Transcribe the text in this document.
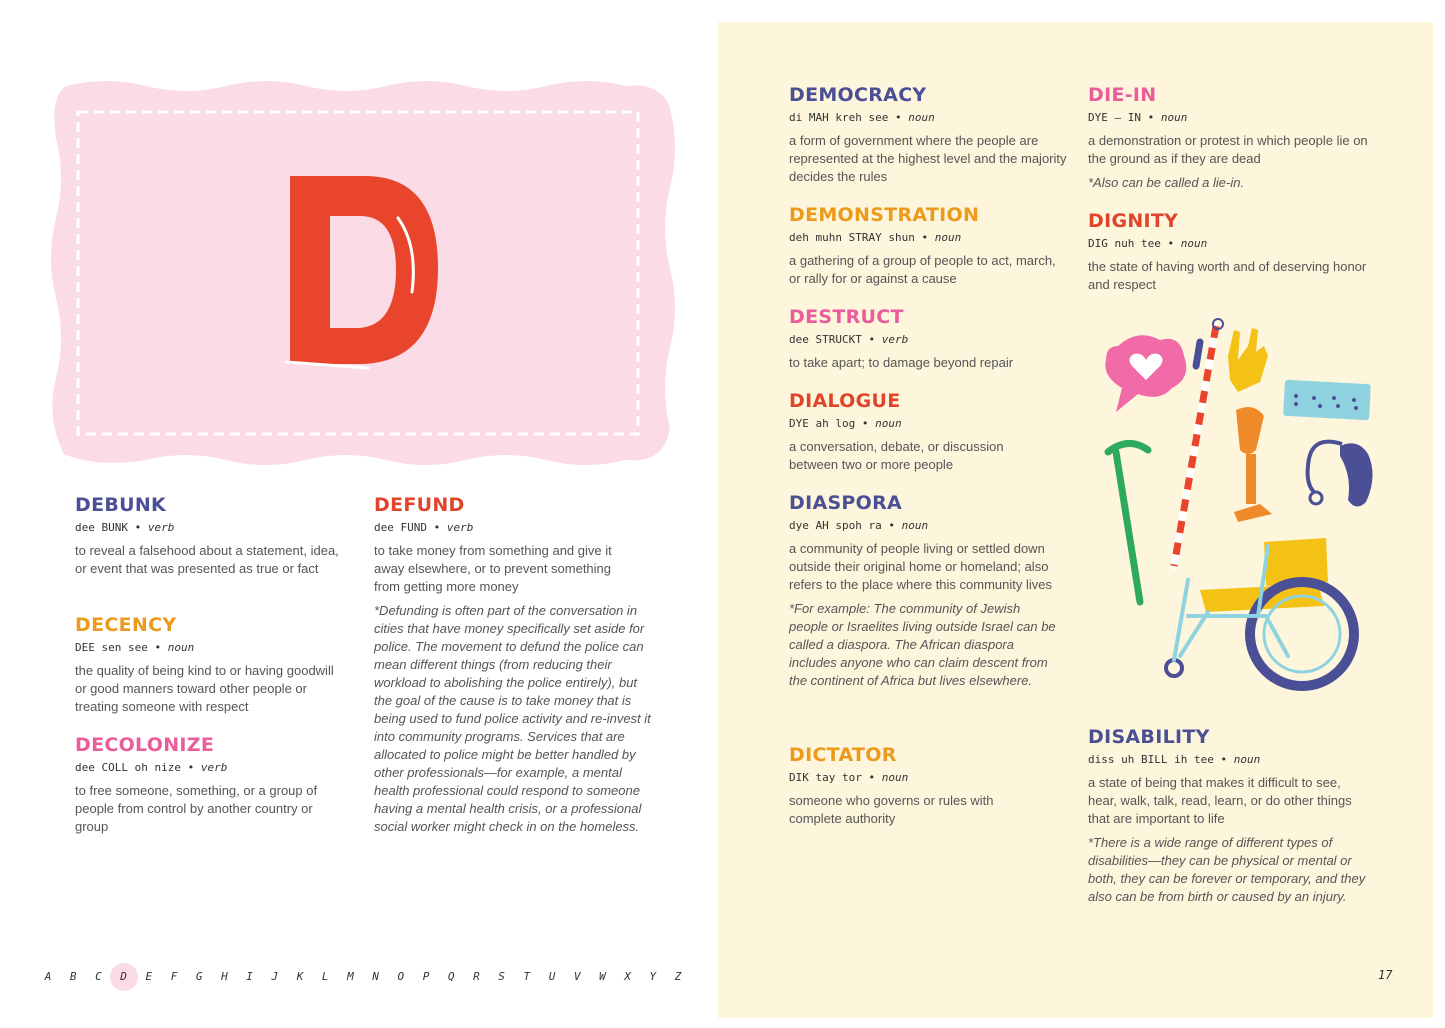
DEBUNK
dee BUNK • verb
to reveal a falsehood about a statement, idea, or event that was presented as true or fact
DECENCY
DEE sen see • noun
the quality of being kind to or having goodwill or good manners toward other people or treating someone with respect
DECOLONIZE
dee COLL oh nize • verb
to free someone, something, or a group of people from control by another country or group
DEFUND
dee FUND • verb
to take money from something and give it away elsewhere, or to prevent something from getting more money
*Defunding is often part of the conversation in cities that have money specifically set aside for police. The movement to defund the police can mean different things (from reducing their workload to abolishing the police entirely), but the goal of the cause is to take money that is being used to fund police activity and re-invest it into community programs. Services that are allocated to police might be better handled by other professionals—for example, a mental health professional could respond to someone having a mental health crisis, or a professional social worker might check in on the homeless.
A	B	C	D	E	F	G	H	I	J	K	L	M	N	O	P	Q	R	S	T	U	V	W	X	Y	Z
DEMOCRACY
di MAH kreh see • noun
a form of government where the people are represented at the highest level and the majority decides the rules
DEMONSTRATION
deh muhn STRAY shun • noun
a gathering of a group of people to act, march, or rally for or against a cause
DESTRUCT
dee STRUCKT • verb
to take apart; to damage beyond repair
DIALOGUE
DYE ah log • noun
a conversation, debate, or discussion between two or more people
DIASPORA
dye AH spoh ra • noun
a community of people living or settled down outside their original home or homeland; also refers to the place where this community lives
*For example: The community of Jewish people or Israelites living outside Israel can be called a diaspora. The African diaspora includes anyone who can claim descent from the continent of Africa but lives elsewhere.
DICTATOR
DIK tay tor • noun
someone who governs or rules with complete authority
DIE-IN
DYE – IN • noun
a demonstration or protest in which people lie on the ground as if they are dead
*Also can be called a lie-in.
DIGNITY
DIG nuh tee • noun
the state of having worth and of deserving honor and respect
DISABILITY
diss uh BILL ih tee • noun
a state of being that makes it difficult to see, hear, walk, talk, read, learn, or do other things that are important to life
*There is a wide range of different types of disabilities—they can be physical or mental or both, they can be forever or temporary, and they also can be from birth or caused by an injury.
17
